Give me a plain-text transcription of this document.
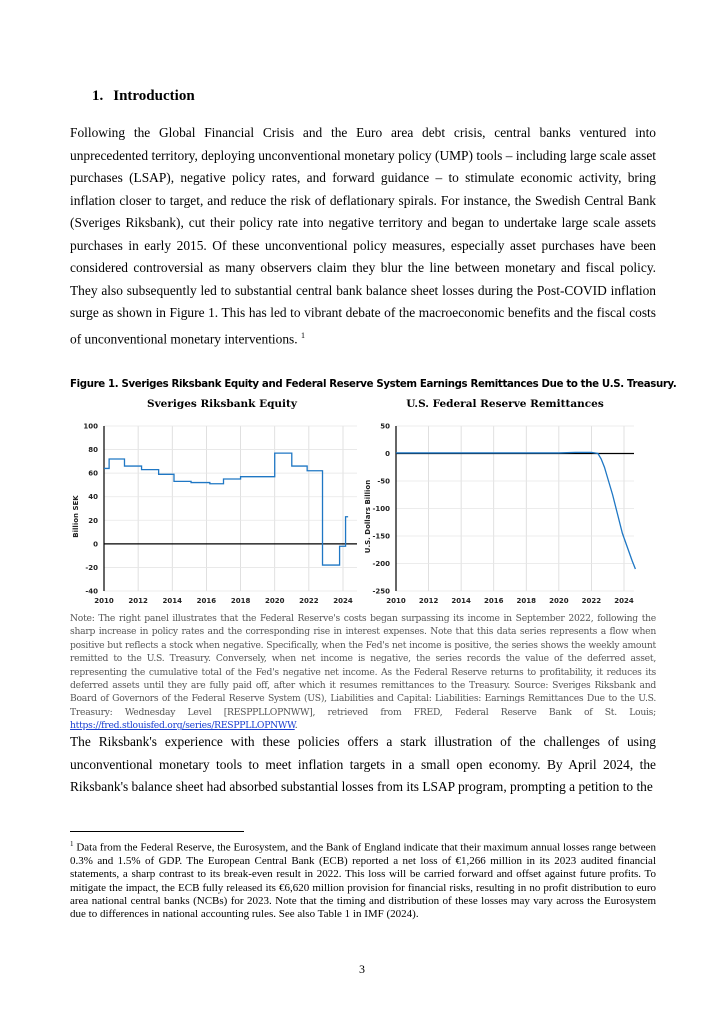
1. Introduction

Following the Global Financial Crisis and the Euro area debt crisis, central banks ventured into unprecedented territory, deploying unconventional monetary policy (UMP) tools – including large scale asset purchases (LSAP), negative policy rates, and forward guidance – to stimulate economic activity, bring inflation closer to target, and reduce the risk of deflationary spirals. For instance, the Swedish Central Bank (Sveriges Riksbank), cut their policy rate into negative territory and began to undertake large scale assets purchases in early 2015. Of these unconventional policy measures, especially asset purchases have been considered controversial as many observers claim they blur the line between monetary and fiscal policy. They also subsequently led to substantial central bank balance sheet losses during the Post-COVID inflation surge as shown in Figure 1. This has led to vibrant debate of the macroeconomic benefits and the fiscal costs of unconventional monetary interventions. $^1$

Figure 1. Sveriges Riksbank Equity and Federal Reserve System Earnings Remittances Due to the U.S. Treasury.
Sveriges Riksbank Equity	U.S. Federal Reserve Remittances
2010 2012 2014 2016 2018 2020 2022 2024
100
80
60
40
20
0
-20
-40
Billion SEK
2010 2012 2014 2016 2018 2020 2022 2024
50
0
-50
-100
-150
-200
-250
U.S. Dollars Billion

Note: The right panel illustrates that the Federal Reserve's costs began surpassing its income in September 2022, following the sharp increase in policy rates and the corresponding rise in interest expenses. Note that this data series represents a flow when positive but reflects a stock when negative. Specifically, when the Fed's net income is positive, the series shows the weekly amount remitted to the U.S. Treasury. Conversely, when net income is negative, the series records the value of the deferred asset, representing the cumulative total of the Fed's negative net income. As the Federal Reserve returns to profitability, it reduces its deferred assets until they are fully paid off, after which it resumes remittances to the Treasury. Source: Sveriges Riksbank and Board of Governors of the Federal Reserve System (US), Liabilities and Capital: Liabilities: Earnings Remittances Due to the U.S. Treasury: Wednesday Level [RESPPLLOPNWW], retrieved from FRED, Federal Reserve Bank of St. Louis; https://fred.stlouisfed.org/series/RESPPLLOPNWW.

The Riksbank's experience with these policies offers a stark illustration of the challenges of using unconventional monetary tools to meet inflation targets in a small open economy. By April 2024, the Riksbank's balance sheet had absorbed substantial losses from its LSAP program, prompting a petition to the

$^1$ Data from the Federal Reserve, the Eurosystem, and the Bank of England indicate that their maximum annual losses range between 0.3% and 1.5% of GDP. The European Central Bank (ECB) reported a net loss of €1,266 million in its 2023 audited financial statements, a sharp contrast to its break-even result in 2022. This loss will be carried forward and offset against future profits. To mitigate the impact, the ECB fully released its €6,620 million provision for financial risks, resulting in no profit distribution to euro area national central banks (NCBs) for 2023. Note that the timing and distribution of these losses may vary across the Eurosystem due to differences in national accounting rules. See also Table 1 in IMF (2024).

3
